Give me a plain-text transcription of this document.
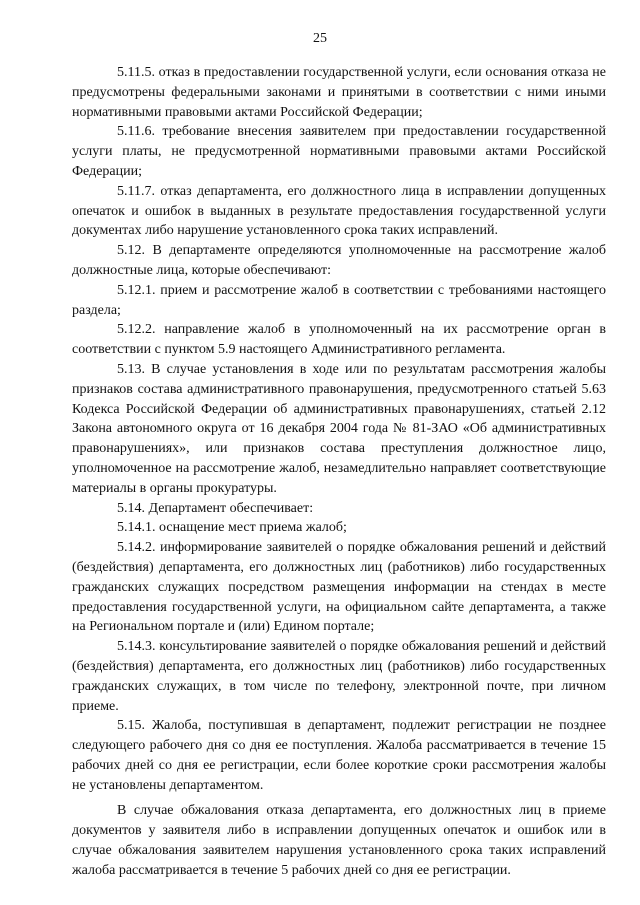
25

5.11.5. отказ в предоставлении государственной услуги, если основания отказа не предусмотрены федеральными законами и принятыми в соответствии с ними иными нормативными правовыми актами Российской Федерации;

5.11.6. требование внесения заявителем при предоставлении государственной услуги платы, не предусмотренной нормативными правовыми актами Российской Федерации;

5.11.7. отказ департамента, его должностного лица в исправлении допущенных опечаток и ошибок в выданных в результате предоставления государственной услуги документах либо нарушение установленного срока таких исправлений.

5.12. В департаменте определяются уполномоченные на рассмотрение жалоб должностные лица, которые обеспечивают:

5.12.1. прием и рассмотрение жалоб в соответствии с требованиями настоящего раздела;

5.12.2. направление жалоб в уполномоченный на их рассмотрение орган в соответствии с пунктом 5.9 настоящего Административного регламента.

5.13. В случае установления в ходе или по результатам рассмотрения жалобы признаков состава административного правонарушения, предусмотренного статьей 5.63 Кодекса Российской Федерации об административных правонарушениях, статьей 2.12 Закона автономного округа от 16 декабря 2004 года № 81-ЗАО «Об административных правонарушениях», или признаков состава преступления должностное лицо, уполномоченное на рассмотрение жалоб, незамедлительно направляет соответствующие материалы в органы прокуратуры.

5.14. Департамент обеспечивает:

5.14.1. оснащение мест приема жалоб;

5.14.2. информирование заявителей о порядке обжалования решений и действий (бездействия) департамента, его должностных лиц (работников) либо государственных гражданских служащих посредством размещения информации на стендах в месте предоставления государственной услуги, на официальном сайте департамента, а также на Региональном портале и (или) Едином портале;

5.14.3. консультирование заявителей о порядке обжалования решений и действий (бездействия) департамента, его должностных лиц (работников) либо государственных гражданских служащих, в том числе по телефону, электронной почте, при личном приеме.

5.15. Жалоба, поступившая в департамент, подлежит регистрации не позднее следующего рабочего дня со дня ее поступления. Жалоба рассматривается в течение 15 рабочих дней со дня ее регистрации, если более короткие сроки рассмотрения жалобы не установлены департаментом.

В случае обжалования отказа департамента, его должностных лиц в приеме документов у заявителя либо в исправлении допущенных опечаток и ошибок или в случае обжалования заявителем нарушения установленного срока таких исправлений жалоба рассматривается в течение 5 рабочих дней со дня ее регистрации.
